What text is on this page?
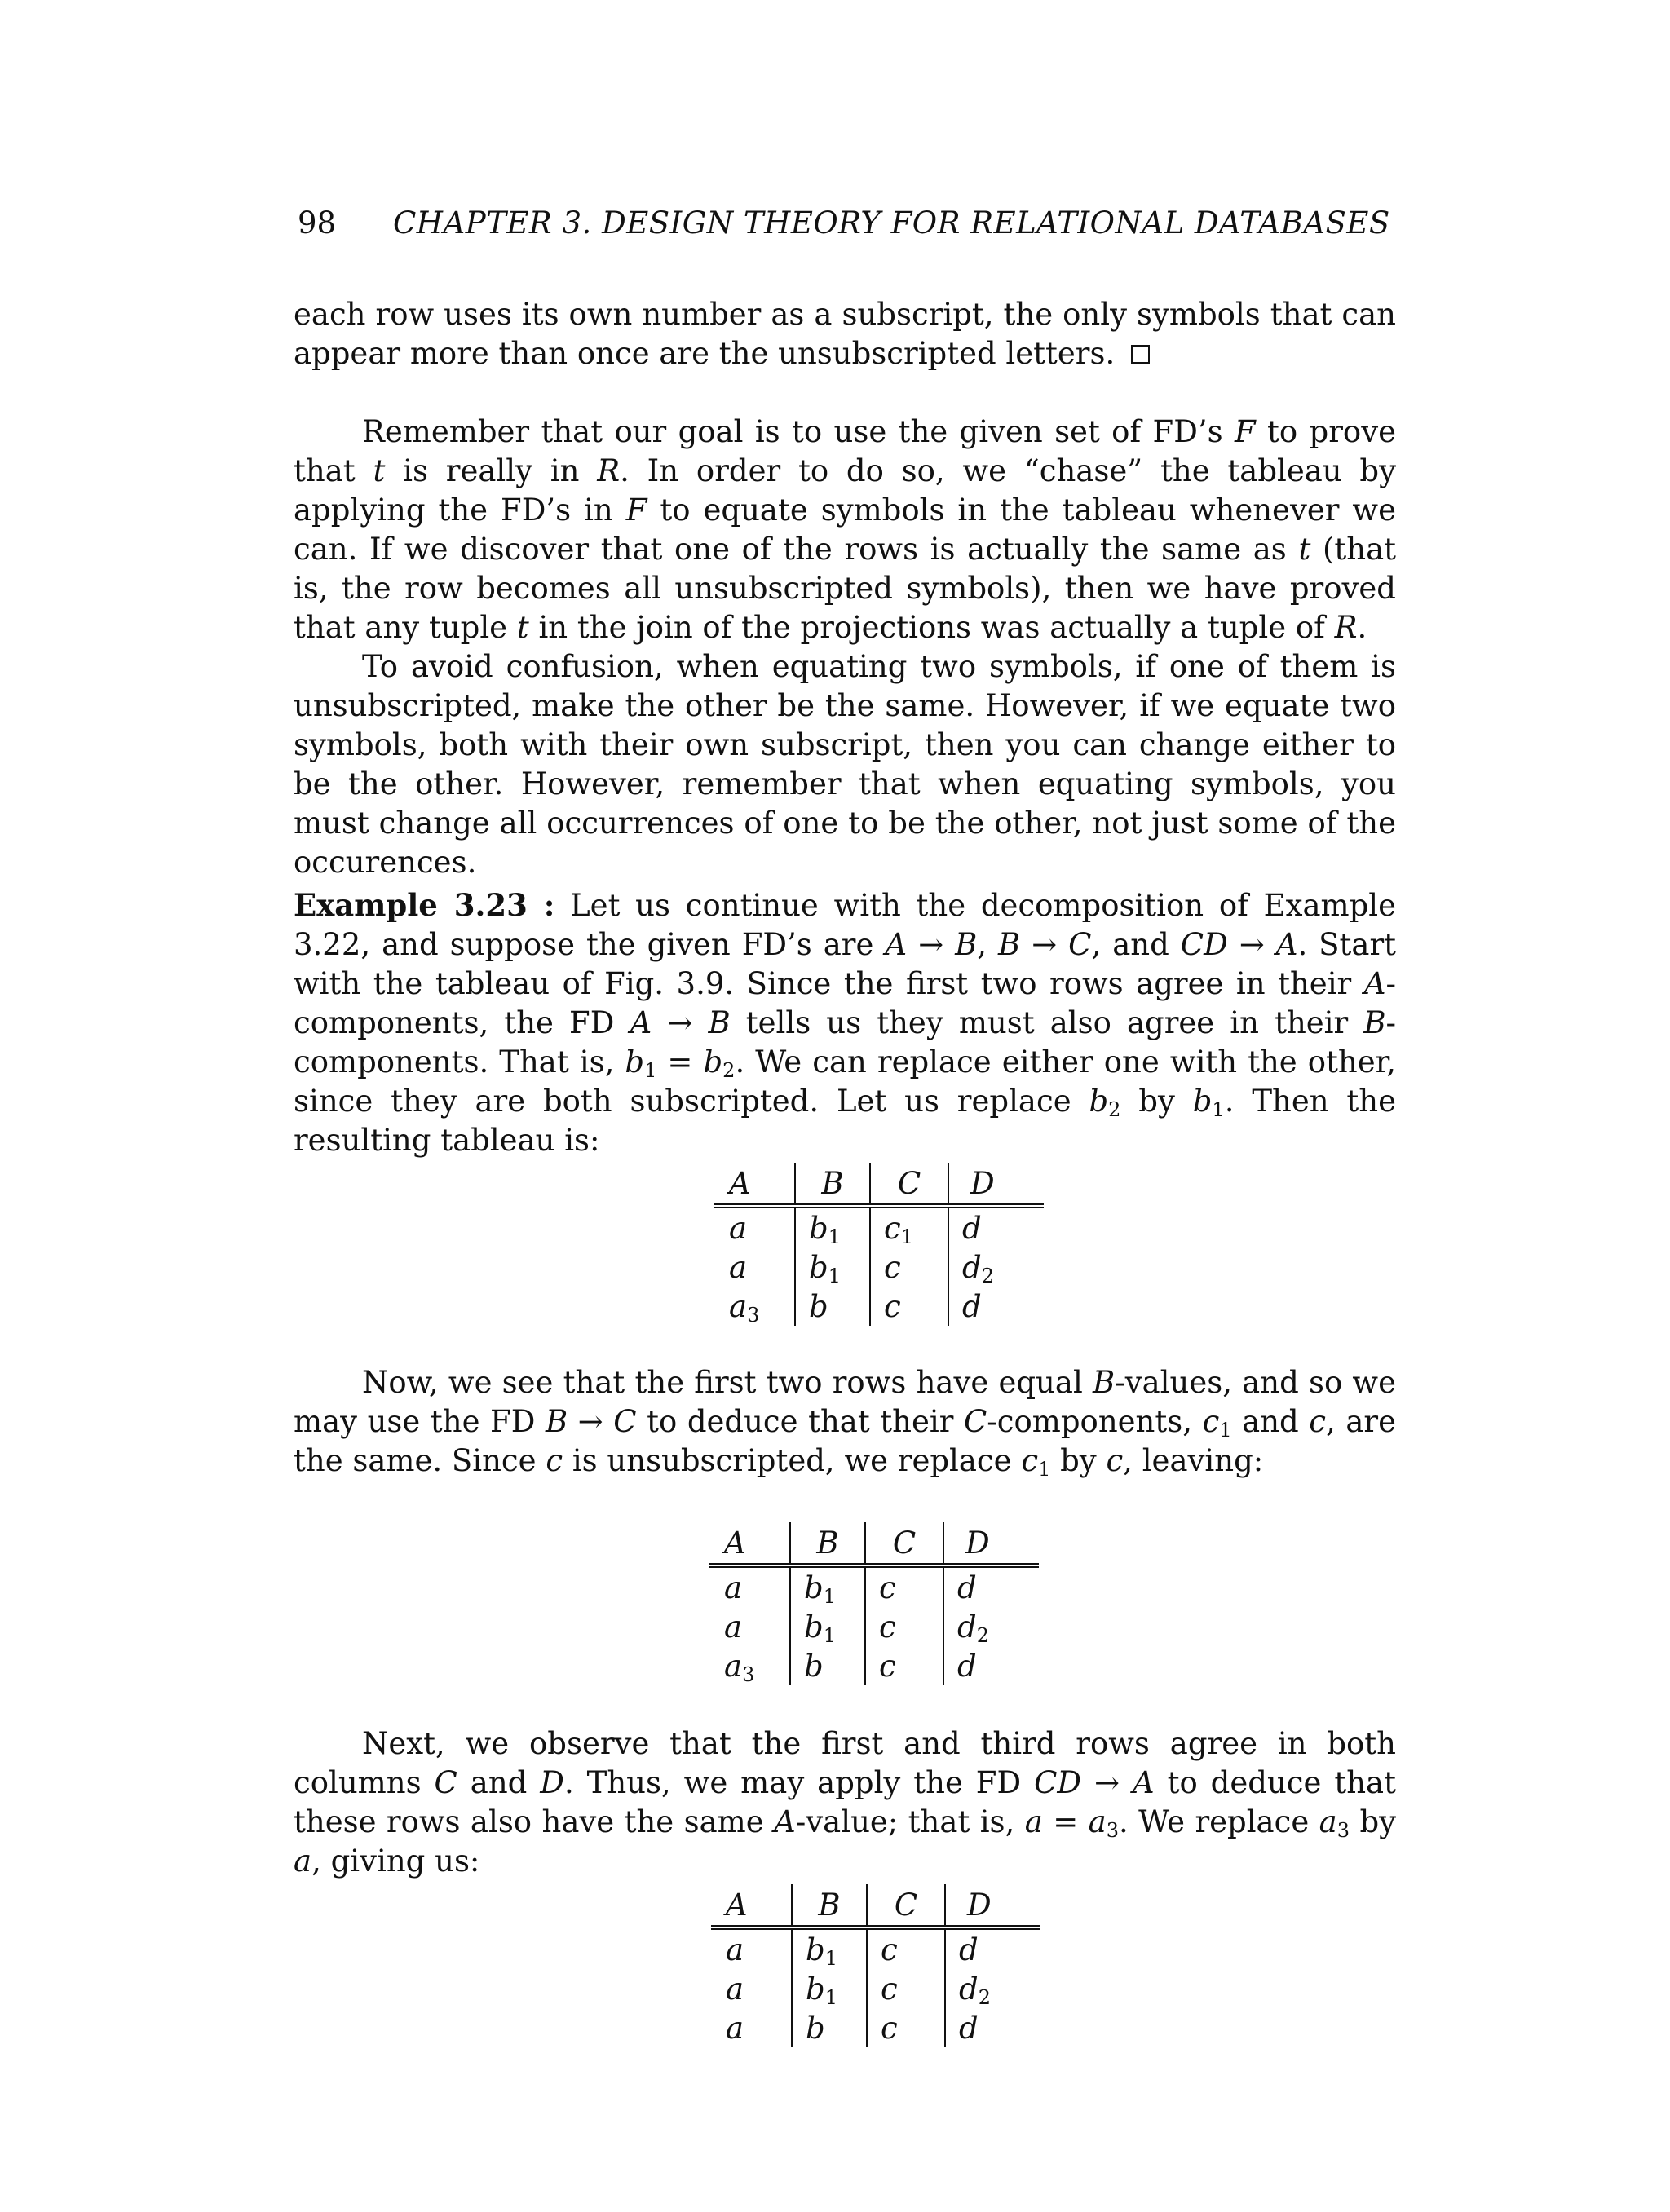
98 CHAPTER 3. DESIGN THEORY FOR RELATIONAL DATABASES

each row uses its own number as a subscript, the only symbols that can appear more than once are the unsubscripted letters.

Remember that our goal is to use the given set of FD’s F to prove that t is really in R. In order to do so, we “chase” the tableau by applying the FD’s in F to equate symbols in the tableau whenever we can. If we discover that one of the rows is actually the same as t (that is, the row becomes all unsubscripted symbols), then we have proved that any tuple t in the join of the projections was actually a tuple of R.

To avoid confusion, when equating two symbols, if one of them is unsubscripted, make the other be the same. However, if we equate two symbols, both with their own subscript, then you can change either to be the other. However, remember that when equating symbols, you must change all occurrences of one to be the other, not just some of the occurences.

Example 3.23 : Let us continue with the decomposition of Example 3.22, and suppose the given FD’s are A → B, B → C, and CD → A. Start with the tableau of Fig. 3.9. Since the first two rows agree in their A-components, the FD A → B tells us they must also agree in their B-components. That is, $b_1 = b_2$. We can replace either one with the other, since they are both subscripted. Let us replace $b_2$ by $b_1$. Then the resulting tableau is:

A	B	C	D
a	$b_1$	$c_1$	d
a	$b_1$	c	$d_2$
$a_3$	b	c	d

Now, we see that the first two rows have equal B-values, and so we may use the FD B → C to deduce that their C-components, $c_1$ and c, are the same. Since c is unsubscripted, we replace $c_1$ by c, leaving:

A	B	C	D
a	$b_1$	c	d
a	$b_1$	c	$d_2$
$a_3$	b	c	d

Next, we observe that the first and third rows agree in both columns C and D. Thus, we may apply the FD CD → A to deduce that these rows also have the same A-value; that is, $a = a_3$. We replace $a_3$ by a, giving us:

A	B	C	D
a	$b_1$	c	d
a	$b_1$	c	$d_2$
a	b	c	d
